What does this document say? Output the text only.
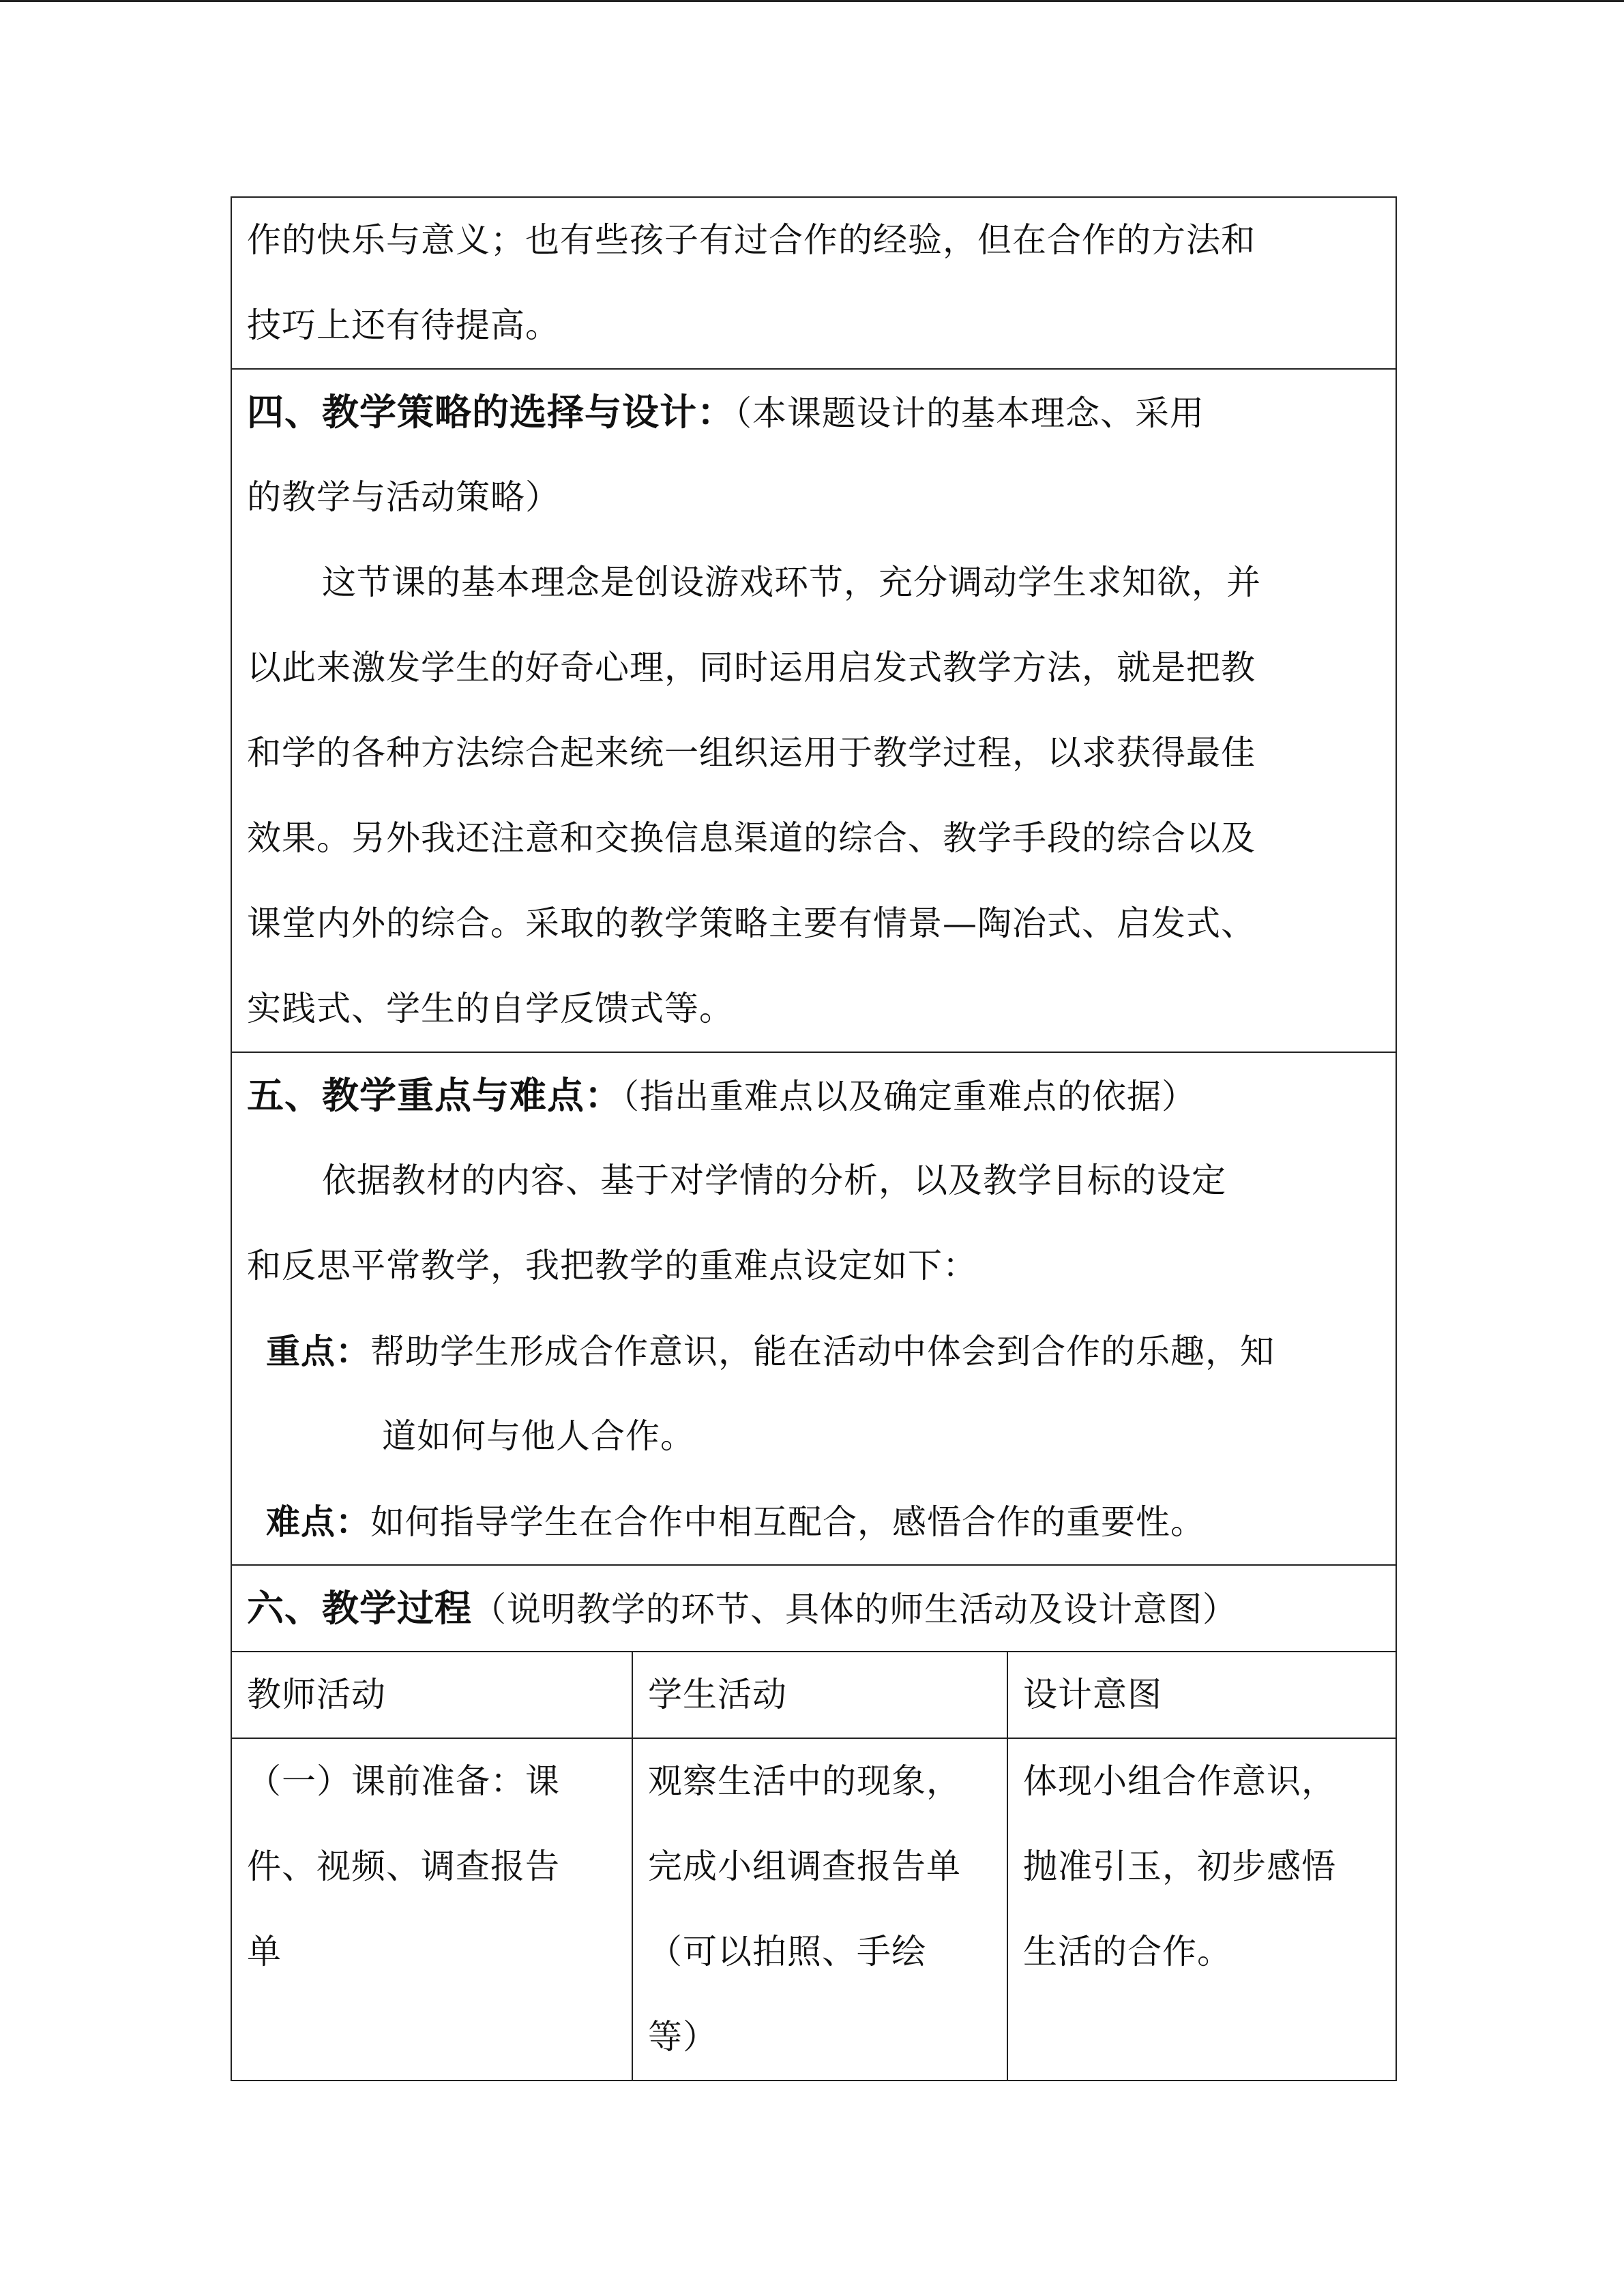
作的快乐与意义；也有些孩子有过合作的经验，但在合作的方法和

技巧上还有待提高。

四、教学策略的选择与设计：（本课题设计的基本理念、采用

的教学与活动策略）

这节课的基本理念是创设游戏环节，充分调动学生求知欲，并

以此来激发学生的好奇心理，同时运用启发式教学方法，就是把教

和学的各种方法综合起来统一组织运用于教学过程，以求获得最佳

效果。另外我还注意和交换信息渠道的综合、教学手段的综合以及

课堂内外的综合。采取的教学策略主要有情景—陶冶式、启发式、

实践式、学生的自学反馈式等。

五、教学重点与难点：（指出重难点以及确定重难点的依据）

依据教材的内容、基于对学情的分析，以及教学目标的设定

和反思平常教学，我把教学的重难点设定如下：

重点：帮助学生形成合作意识，能在活动中体会到合作的乐趣，知

道如何与他人合作。

难点：如何指导学生在合作中相互配合，感悟合作的重要性。

六、教学过程（说明教学的环节、具体的师生活动及设计意图）

教师活动	学生活动	设计意图

（一）课前准备：课

件、视频、调查报告

单

观察生活中的现象，

完成小组调查报告单

（可以拍照、手绘

等）

体现小组合作意识，

抛准引玉，初步感悟

生活的合作。
